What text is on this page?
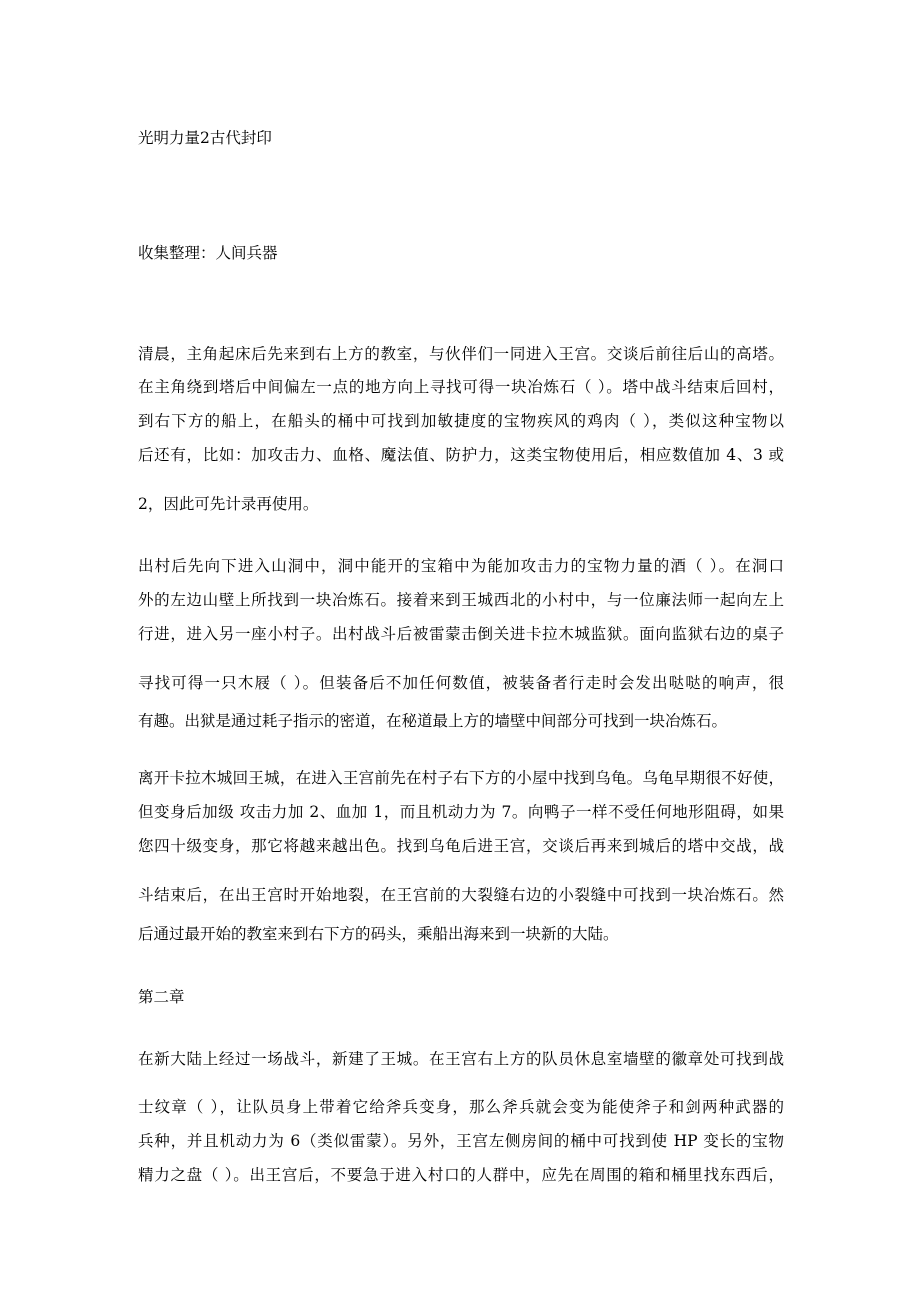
光明力量2古代封印
收集整理：人间兵器
清晨，主角起床后先来到右上方的教室，与伙伴们一同进入王宫。交谈后前往后山的高塔。
在主角绕到塔后中间偏左一点的地方向上寻找可得一块冶炼石（ ）。塔中战斗结束后回村，
到右下方的船上，在船头的桶中可找到加敏捷度的宝物疾风的鸡肉（ ），类似这种宝物以
后还有，比如：加攻击力、血格、魔法值、防护力，这类宝物使用后，相应数值加 4、3 或
2，因此可先计录再使用。
出村后先向下进入山洞中，洞中能开的宝箱中为能加攻击力的宝物力量的酒（ ）。在洞口
外的左边山壁上所找到一块冶炼石。接着来到王城西北的小村中，与一位廉法师一起向左上
行进，进入另一座小村子。出村战斗后被雷蒙击倒关进卡拉木城监狱。面向监狱右边的桌子
寻找可得一只木屐（ ）。但装备后不加任何数值，被装备者行走时会发出哒哒的响声，很
有趣。出狱是通过耗子指示的密道，在秘道最上方的墙壁中间部分可找到一块冶炼石。
离开卡拉木城回王城，在进入王宫前先在村子右下方的小屋中找到乌龟。乌龟早期很不好使，
但变身后加级 攻击力加 2、血加 1，而且机动力为 7。向鸭子一样不受任何地形阻碍，如果
您四十级变身，那它将越来越出色。找到乌龟后进王宫，交谈后再来到城后的塔中交战，战
斗结束后，在出王宫时开始地裂，在王宫前的大裂缝右边的小裂缝中可找到一块冶炼石。然
后通过最开始的教室来到右下方的码头，乘船出海来到一块新的大陆。
第二章
在新大陆上经过一场战斗，新建了王城。在王宫右上方的队员休息室墙壁的徽章处可找到战
士纹章（ ），让队员身上带着它给斧兵变身，那么斧兵就会变为能使斧子和剑两种武器的
兵种，并且机动力为 6（类似雷蒙）。另外，王宫左侧房间的桶中可找到使 HP 变长的宝物
精力之盘（ ）。出王宫后，不要急于进入村口的人群中，应先在周围的箱和桶里找东西后，
